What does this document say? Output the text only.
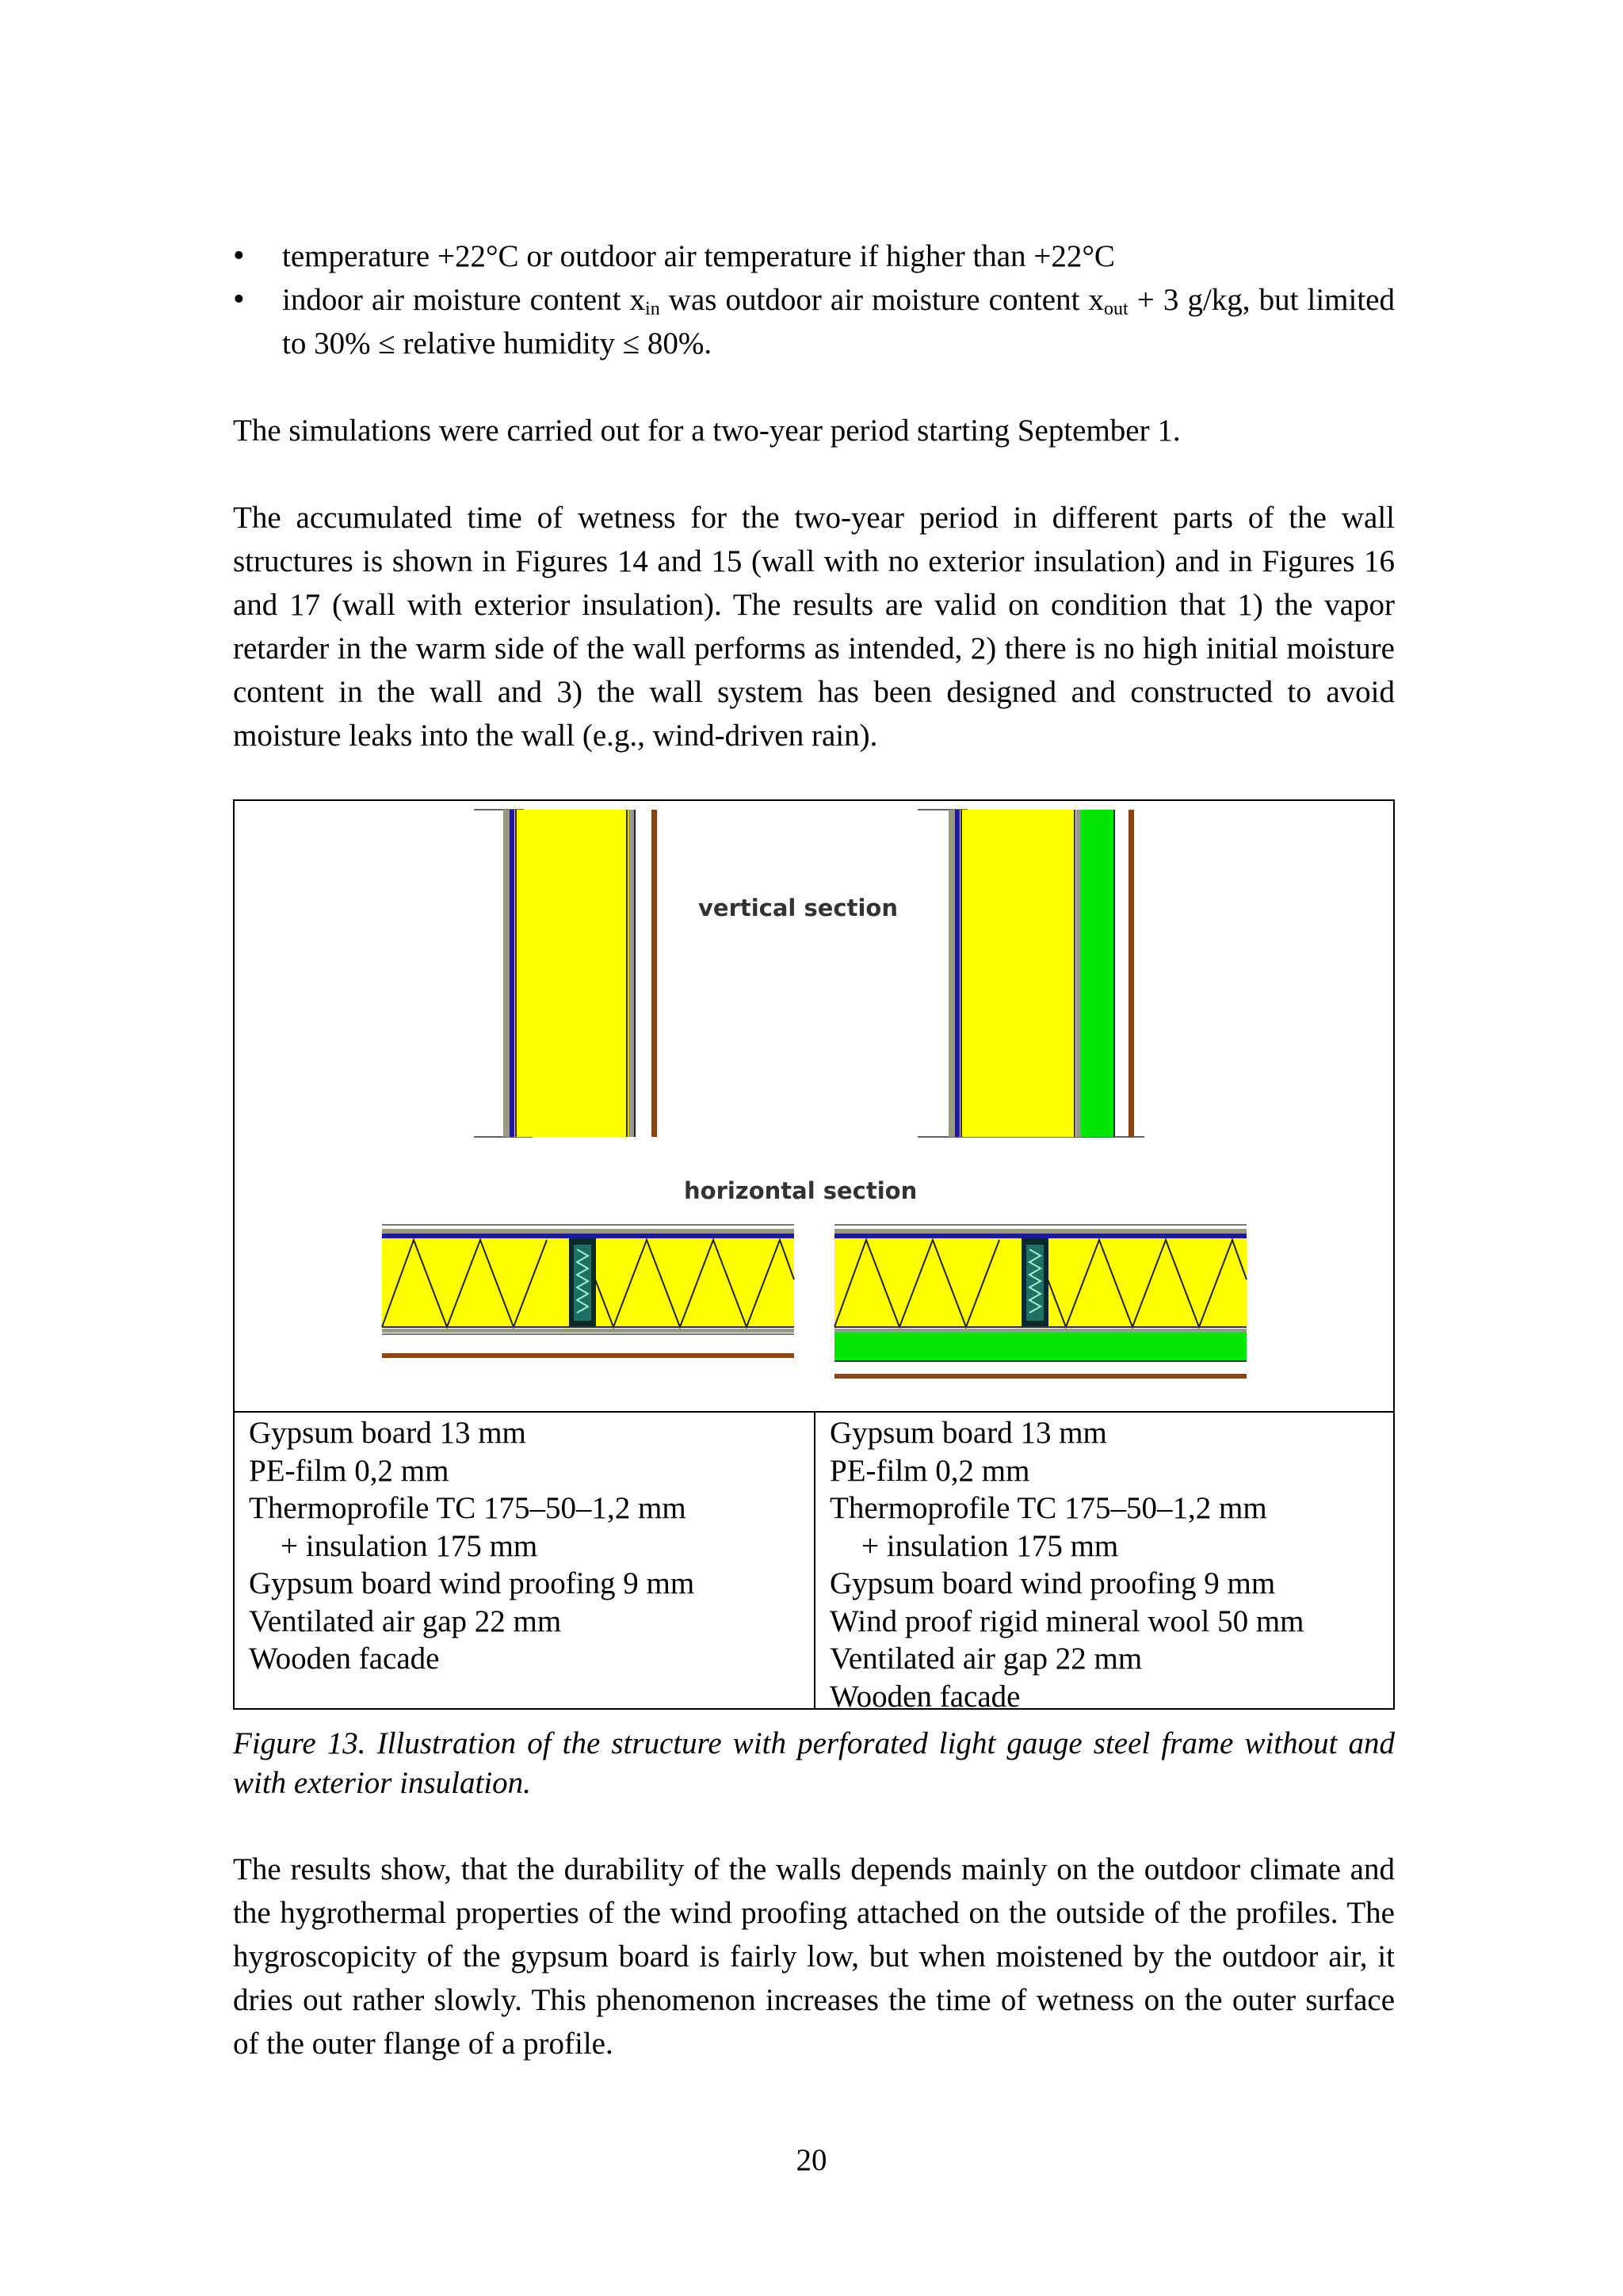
• temperature +22°C or outdoor air temperature if higher than +22°C
• indoor air moisture content $x_{in}$ was outdoor air moisture content $x_{out} + 3$ g/kg, but limited to 30% ≤ relative humidity ≤ 80%.

The simulations were carried out for a two-year period starting September 1.

The accumulated time of wetness for the two-year period in different parts of the wall structures is shown in Figures 14 and 15 (wall with no exterior insulation) and in Figures 16 and 17 (wall with exterior insulation). The results are valid on condition that 1) the vapor retarder in the warm side of the wall performs as intended, 2) there is no high initial moisture content in the wall and 3) the wall system has been designed and constructed to avoid moisture leaks into the wall (e.g., wind-driven rain).

vertical section
horizontal section
Gypsum board 13 mm
PE-film 0,2 mm
Thermoprofile TC 175–50–1,2 mm
+ insulation 175 mm
Gypsum board wind proofing 9 mm
Ventilated air gap 22 mm
Wooden facade
Gypsum board 13 mm
PE-film 0,2 mm
Thermoprofile TC 175–50–1,2 mm
+ insulation 175 mm
Gypsum board wind proofing 9 mm
Wind proof rigid mineral wool 50 mm
Ventilated air gap 22 mm
Wooden facade

Figure 13. Illustration of the structure with perforated light gauge steel frame without and with exterior insulation.

The results show, that the durability of the walls depends mainly on the outdoor climate and the hygrothermal properties of the wind proofing attached on the outside of the profiles. The hygroscopicity of the gypsum board is fairly low, but when moistened by the outdoor air, it dries out rather slowly. This phenomenon increases the time of wetness on the outer surface of the outer flange of a profile.

20
